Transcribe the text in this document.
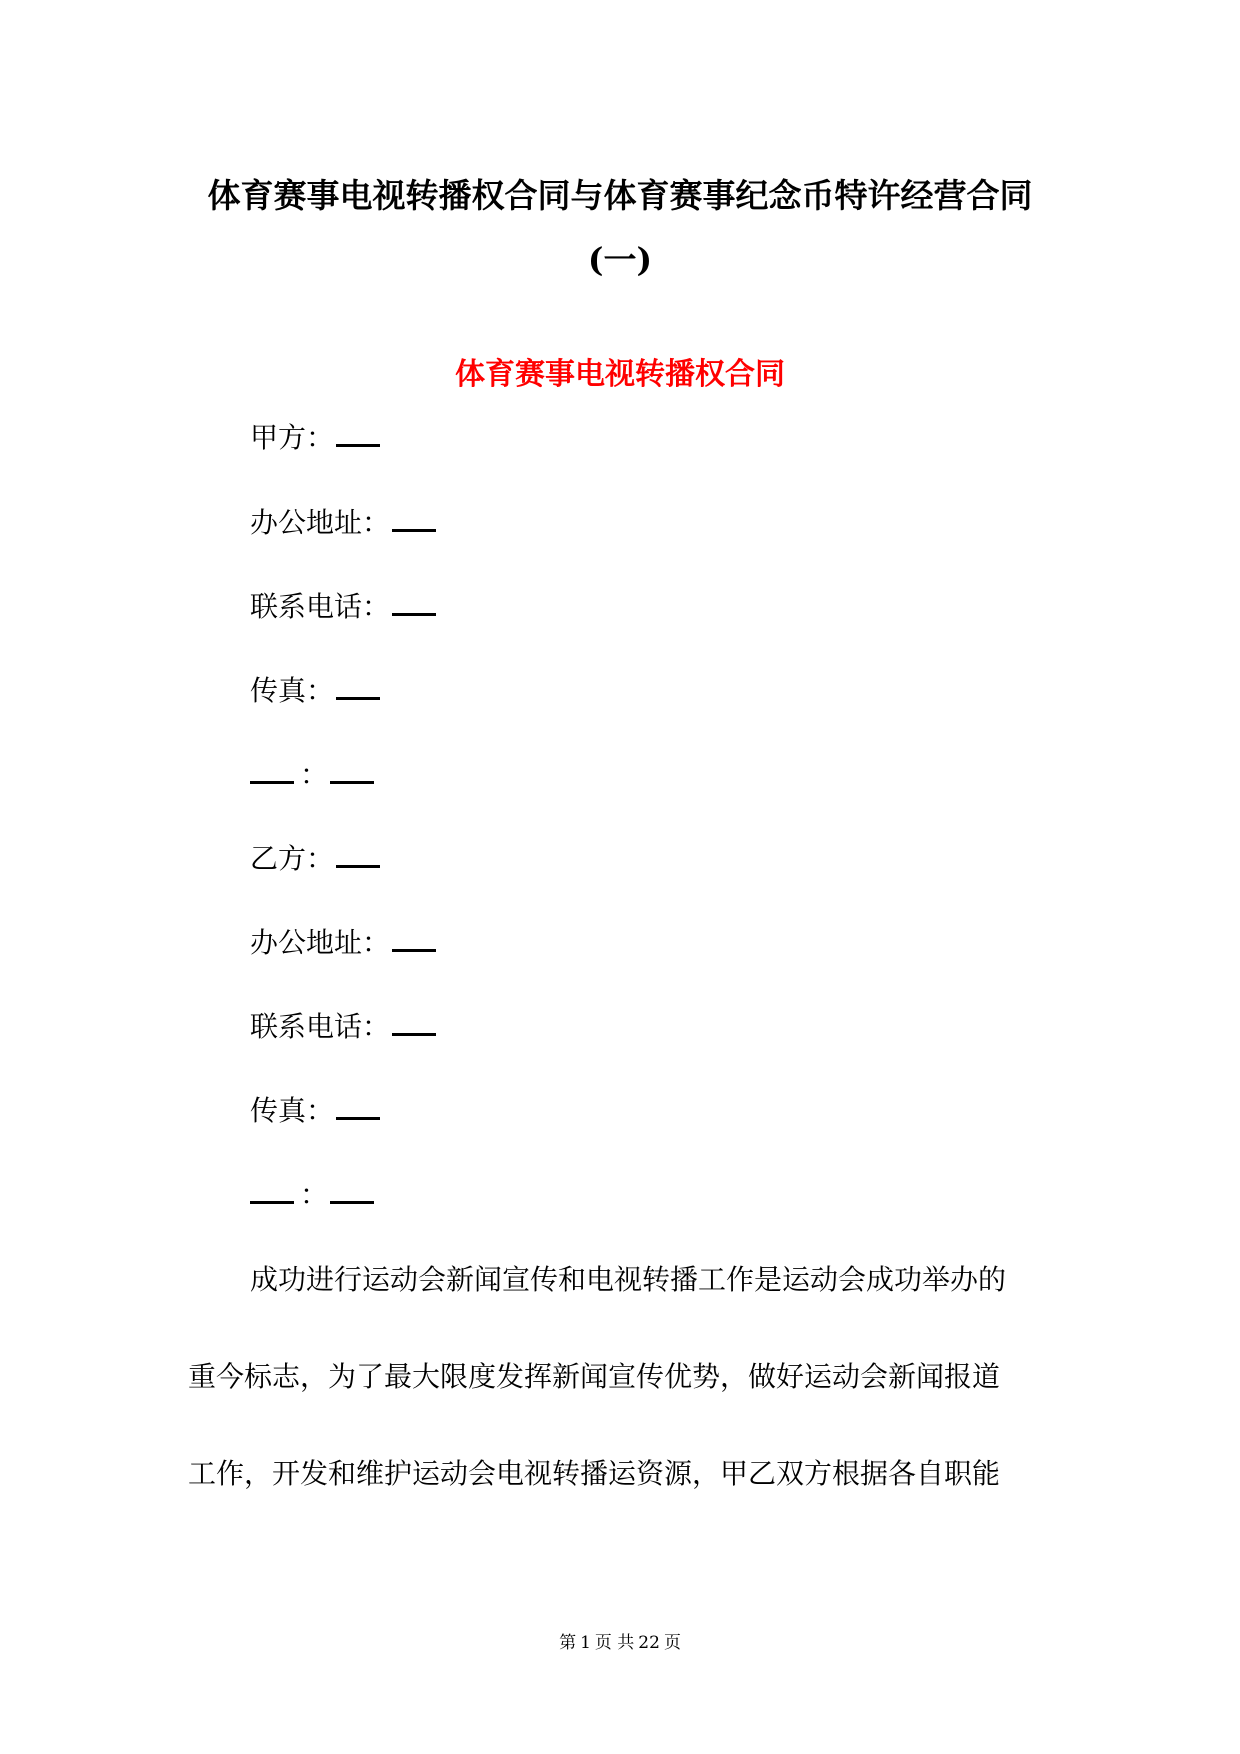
体育赛事电视转播权合同与体育赛事纪念币特许经营合同
(一)
体育赛事电视转播权合同

甲方：

办公地址：

联系电话：

传真：

：

乙方：

办公地址：

联系电话：

传真：

：

成功进行运动会新闻宣传和电视转播工作是运动会成功举办的

重今标志，为了最大限度发挥新闻宣传优势，做好运动会新闻报道

工作，开发和维护运动会电视转播运资源，甲乙双方根据各自职能

第 1 页 共 22 页
